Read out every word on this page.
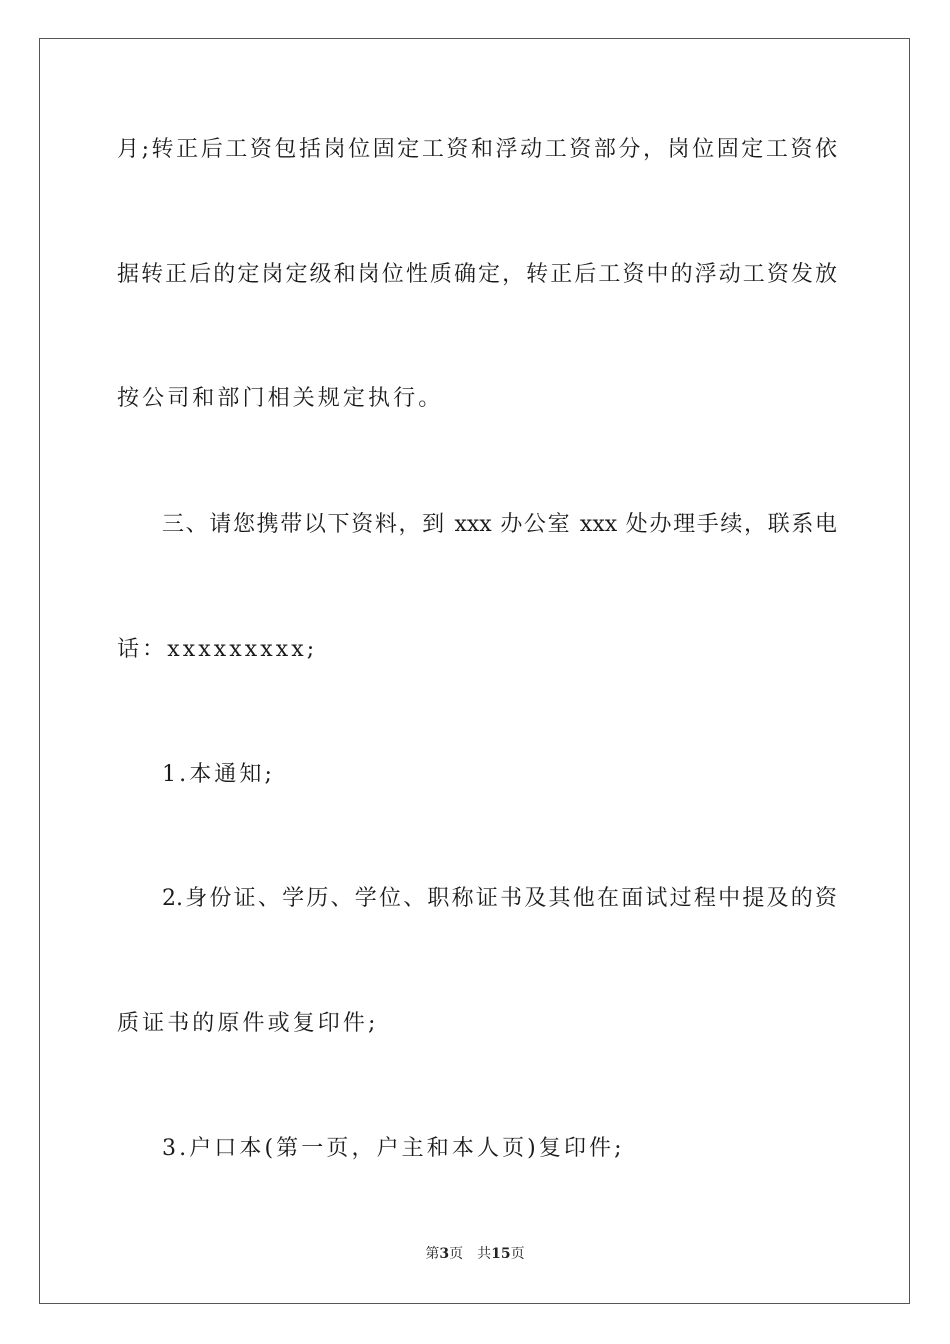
月;转正后工资包括岗位固定工资和浮动工资部分，岗位固定工资依
据转正后的定岗定级和岗位性质确定，转正后工资中的浮动工资发放
按公司和部门相关规定执行。
三、请您携带以下资料，到 xxx 办公室 xxx 处办理手续，联系电
话：xxxxxxxxx;
1.本通知;
2.身份证、学历、学位、职称证书及其他在面试过程中提及的资
质证书的原件或复印件;
3.户口本(第一页，户主和本人页)复印件;
第3页 共15页
